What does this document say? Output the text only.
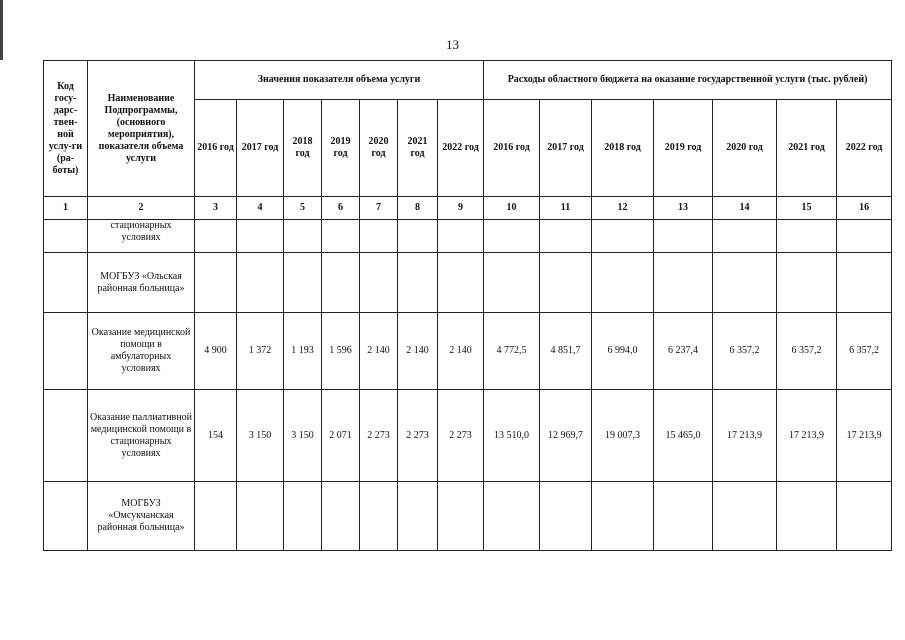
13
Код госу-дарс-твен-ной услу-ги (ра-боты)	Наименование Подпрограммы, (основного мероприятия), показателя объема услуги	Значения показателя объема услуги							Расходы областного бюджета на оказание государственной услуги (тыс. рублей)						
		2016 год	2017 год	2018 год	2019 год	2020 год	2021 год	2022 год	2016 год	2017 год	2018 год	2019 год	2020 год	2021 год	2022 год
1	2	3	4	5	6	7	8	9	10	11	12	13	14	15	16
	стационарных условиях														
	МОГБУЗ «Ольская районная больница»														
	Оказание медицинской помощи в амбулаторных условиях	4 900	1 372	1 193	1 596	2 140	2 140	2 140	4 772,5	4 851,7	6 994,0	6 237,4	6 357,2	6 357,2	6 357,2
	Оказание паллиативной медицинской помощи в стационарных условиях	154	3 150	3 150	2 071	2 273	2 273	2 273	13 510,0	12 969,7	19 007,3	15 465,0	17 213,9	17 213,9	17 213,9
	МОГБУЗ «Омсукчанская районная больница»														
